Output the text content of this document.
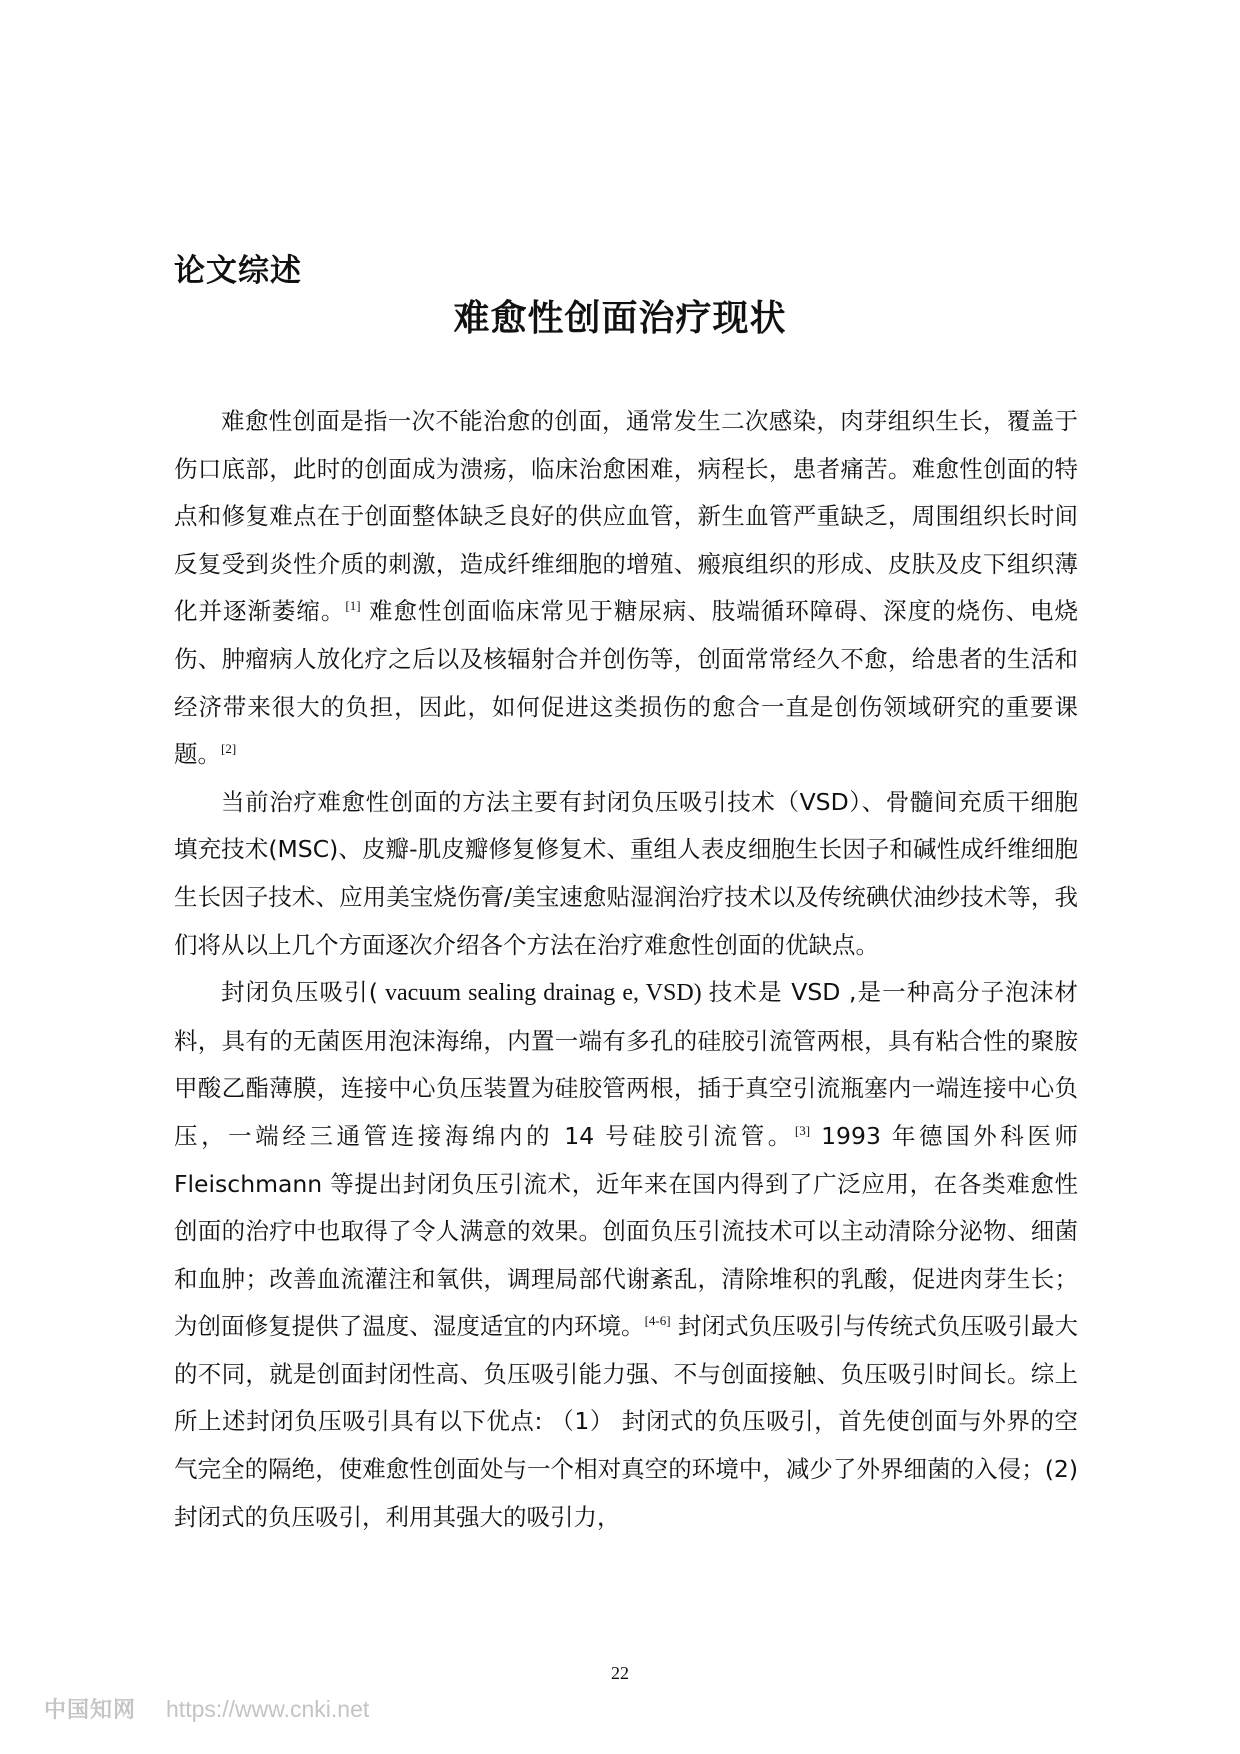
论文综述
难愈性创面治疗现状

难愈性创面是指一次不能治愈的创面，通常发生二次感染，肉芽组织生长，覆盖于伤口底部，此时的创面成为溃疡，临床治愈困难，病程长，患者痛苦。难愈性创面的特点和修复难点在于创面整体缺乏良好的供应血管，新生血管严重缺乏，周围组织长时间反复受到炎性介质的刺激，造成纤维细胞的增殖、瘢痕组织的形成、皮肤及皮下组织薄化并逐渐萎缩。[1] 难愈性创面临床常见于糖尿病、肢端循环障碍、深度的烧伤、电烧伤、肿瘤病人放化疗之后以及核辐射合并创伤等，创面常常经久不愈，给患者的生活和经济带来很大的负担，因此，如何促进这类损伤的愈合一直是创伤领域研究的重要课题。[2]

当前治疗难愈性创面的方法主要有封闭负压吸引技术（VSD）、骨髓间充质干细胞填充技术(MSC)、皮瓣-肌皮瓣修复修复术、重组人表皮细胞生长因子和碱性成纤维细胞生长因子技术、应用美宝烧伤膏/美宝速愈贴湿润治疗技术以及传统碘伏油纱技术等，我们将从以上几个方面逐次介绍各个方法在治疗难愈性创面的优缺点。

封闭负压吸引( vacuum sealing drainag e, VSD) 技术是 VSD ,是一种高分子泡沫材料，具有的无菌医用泡沫海绵，内置一端有多孔的硅胶引流管两根，具有粘合性的聚胺甲酸乙酯薄膜，连接中心负压装置为硅胶管两根，插于真空引流瓶塞内一端连接中心负压，一端经三通管连接海绵内的 14 号硅胶引流管。[3] 1993 年德国外科医师 Fleischmann 等提出封闭负压引流术，近年来在国内得到了广泛应用，在各类难愈性创面的治疗中也取得了令人满意的效果。创面负压引流技术可以主动清除分泌物、细菌和血肿；改善血流灌注和氧供，调理局部代谢紊乱，清除堆积的乳酸，促进肉芽生长；为创面修复提供了温度、湿度适宜的内环境。[4-6] 封闭式负压吸引与传统式负压吸引最大的不同，就是创面封闭性高、负压吸引能力强、不与创面接触、负压吸引时间长。综上所上述封闭负压吸引具有以下优点: （1） 封闭式的负压吸引，首先使创面与外界的空气完全的隔绝，使难愈性创面处与一个相对真空的环境中，减少了外界细菌的入侵；(2) 封闭式的负压吸引，利用其强大的吸引力，

22
中国知网 https://www.cnki.net
